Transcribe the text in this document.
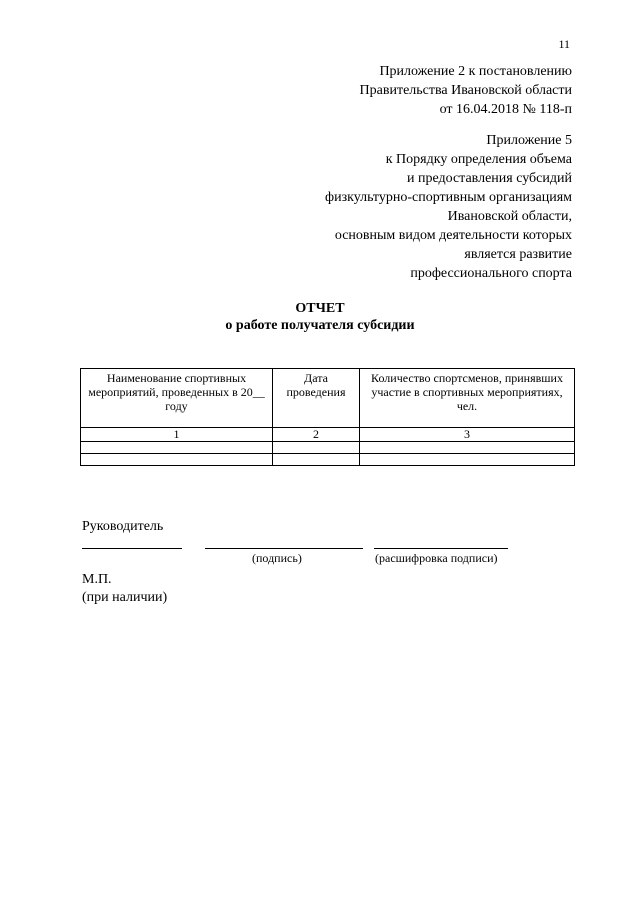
11
Приложение 2 к постановлению
Правительства Ивановской области
от 16.04.2018 № 118-п
Приложение 5
к Порядку определения объема
и предоставления субсидий
физкультурно-спортивным организациям
Ивановской области,
основным видом деятельности которых
является развитие
профессионального спорта
ОТЧЕТ
о работе получателя субсидии
Наименование спортивных мероприятий, проведенных в 20__ году	Дата проведения	Количество спортсменов, принявших участие в спортивных мероприятиях, чел.
1	2	3

Руководитель
(подпись)	(расшифровка подписи)
М.П.
(при наличии)
